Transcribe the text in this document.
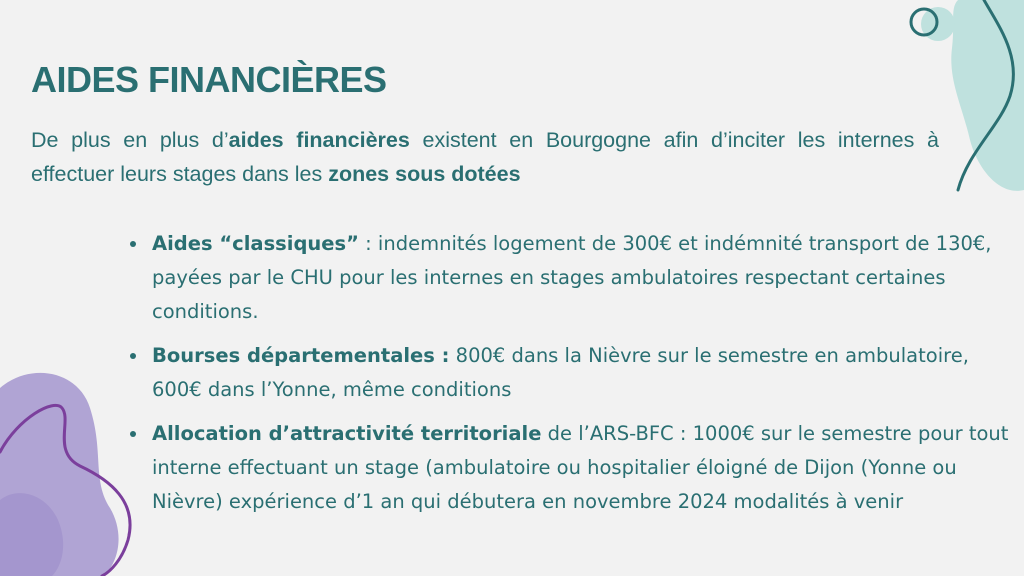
AIDES FINANCIÈRES

De plus en plus d’aides financières existent en Bourgogne afin d’inciter les internes à effectuer leurs stages dans les zones sous dotées

Aides “classiques” : indemnités logement de 300€ et indémnité transport de 130€, payées par le CHU pour les internes en stages ambulatoires respectant certaines conditions.
Bourses départementales : 800€ dans la Nièvre sur le semestre en ambulatoire, 600€ dans l’Yonne, même conditions
Allocation d’attractivité territoriale de l’ARS-BFC : 1000€ sur le semestre pour tout interne effectuant un stage (ambulatoire ou hospitalier éloigné de Dijon (Yonne ou Nièvre) expérience d’1 an qui débutera en novembre 2024 modalités à venir
